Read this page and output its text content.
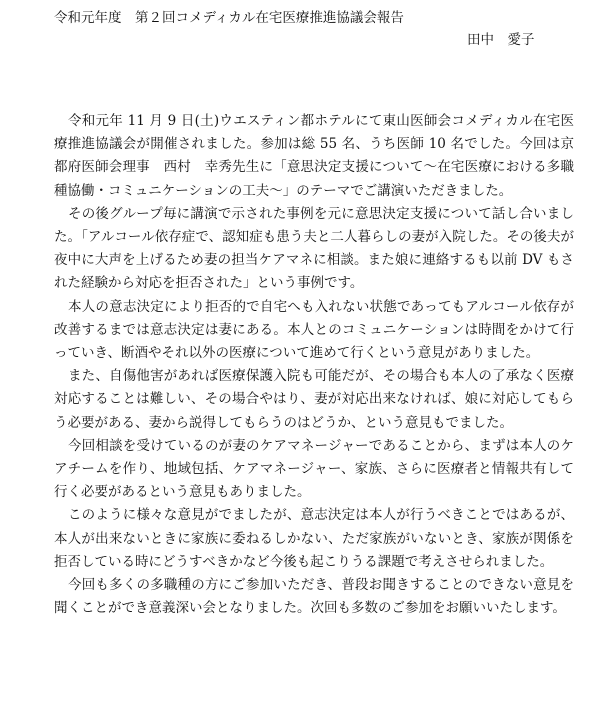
令和元年度　第２回コメディカル在宅医療推進協議会報告
田中　愛子

令和元年 11 月 9 日(土)ウエスティン都ホテルにて東山医師会コメディカル在宅医療推進協議会が開催されました。参加は総 55 名、うち医師 10 名でした。今回は京都府医師会理事　西村　幸秀先生に「意思決定支援について～在宅医療における多職種協働・コミュニケーションの工夫～」のテーマでご講演いただきました。

その後グループ毎に講演で示された事例を元に意思決定支援について話し合いました。「アルコール依存症で、認知症も患う夫と二人暮らしの妻が入院した。その後夫が夜中に大声を上げるため妻の担当ケアマネに相談。また娘に連絡するも以前 DV もされた経験から対応を拒否された」という事例です。

本人の意志決定により拒否的で自宅へも入れない状態であってもアルコール依存が改善するまでは意志決定は妻にある。本人とのコミュニケーションは時間をかけて行っていき、断酒やそれ以外の医療について進めて行くという意見がありました。

また、自傷他害があれば医療保護入院も可能だが、その場合も本人の了承なく医療対応することは難しい、その場合やはり、妻が対応出来なければ、娘に対応してもらう必要がある、妻から説得してもらうのはどうか、という意見もでました。

今回相談を受けているのが妻のケアマネージャーであることから、まずは本人のケアチームを作り、地域包括、ケアマネージャー、家族、さらに医療者と情報共有して行く必要があるという意見もありました。

このように様々な意見がでましたが、意志決定は本人が行うべきことではあるが、本人が出来ないときに家族に委ねるしかない、ただ家族がいないとき、家族が関係を拒否している時にどうすべきかなど今後も起こりうる課題で考えさせられました。

今回も多くの多職種の方にご参加いただき、普段お聞きすることのできない意見を聞くことができ意義深い会となりました。次回も多数のご参加をお願いいたします。
